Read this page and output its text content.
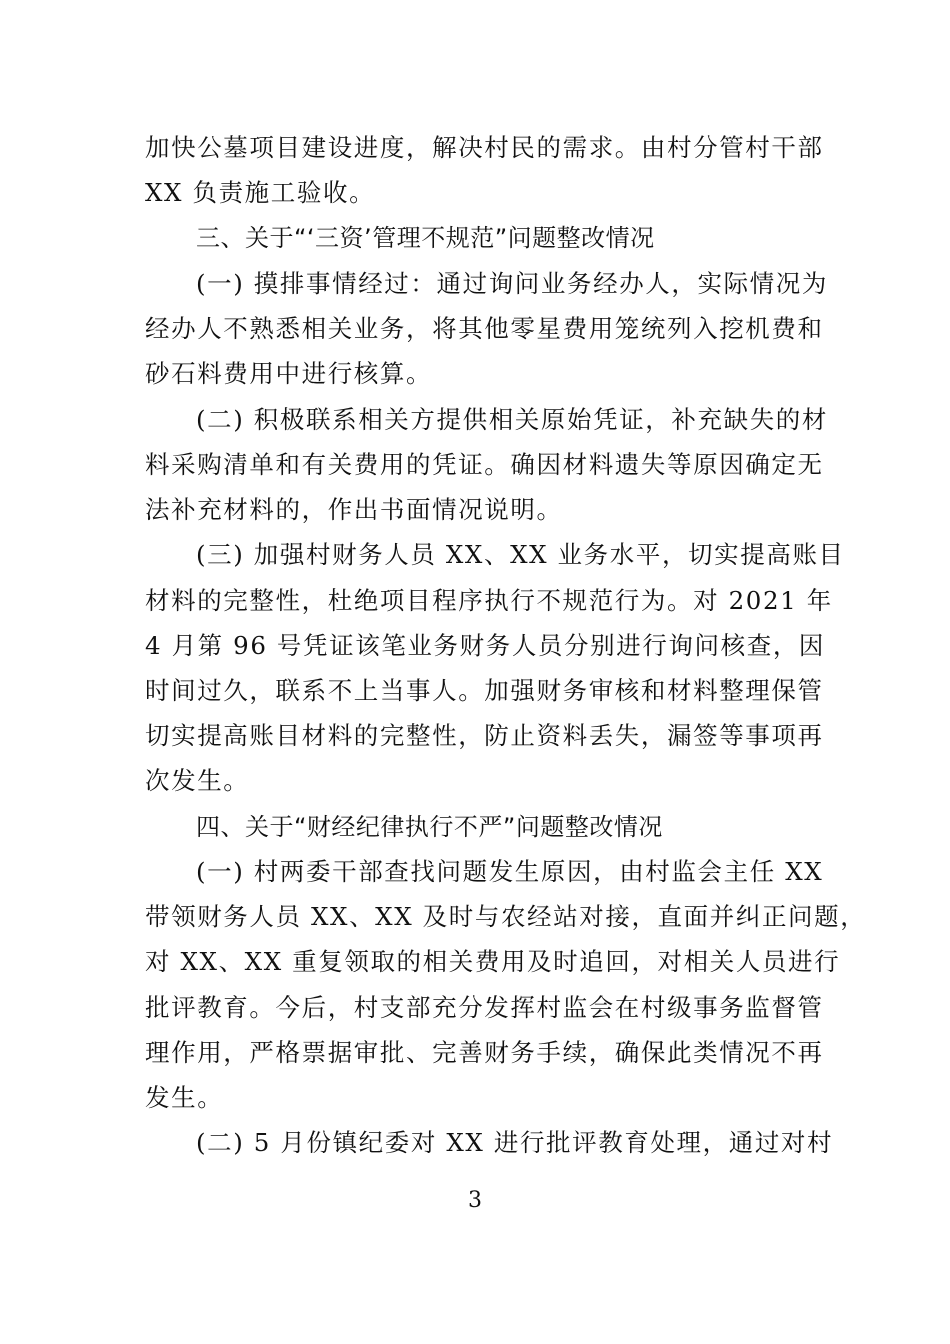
加快公墓项目建设进度，解决村民的需求。由村分管村干部
XX 负责施工验收。
三、关于“‘三资’管理不规范”问题整改情况
(一) 摸排事情经过：通过询问业务经办人，实际情况为
经办人不熟悉相关业务，将其他零星费用笼统列入挖机费和
砂石料费用中进行核算。
(二) 积极联系相关方提供相关原始凭证，补充缺失的材
料采购清单和有关费用的凭证。确因材料遗失等原因确定无
法补充材料的，作出书面情况说明。
(三) 加强村财务人员 XX、XX 业务水平，切实提高账目
材料的完整性，杜绝项目程序执行不规范行为。对 2021 年
4 月第 96 号凭证该笔业务财务人员分别进行询问核查，因
时间过久，联系不上当事人。加强财务审核和材料整理保管
切实提高账目材料的完整性，防止资料丢失，漏签等事项再
次发生。
四、关于“财经纪律执行不严”问题整改情况
(一) 村两委干部查找问题发生原因，由村监会主任 XX
带领财务人员 XX、XX 及时与农经站对接，直面并纠正问题，
对 XX、XX 重复领取的相关费用及时追回，对相关人员进行
批评教育。今后，村支部充分发挥村监会在村级事务监督管
理作用，严格票据审批、完善财务手续，确保此类情况不再
发生。
(二) 5 月份镇纪委对 XX 进行批评教育处理，通过对村
3
